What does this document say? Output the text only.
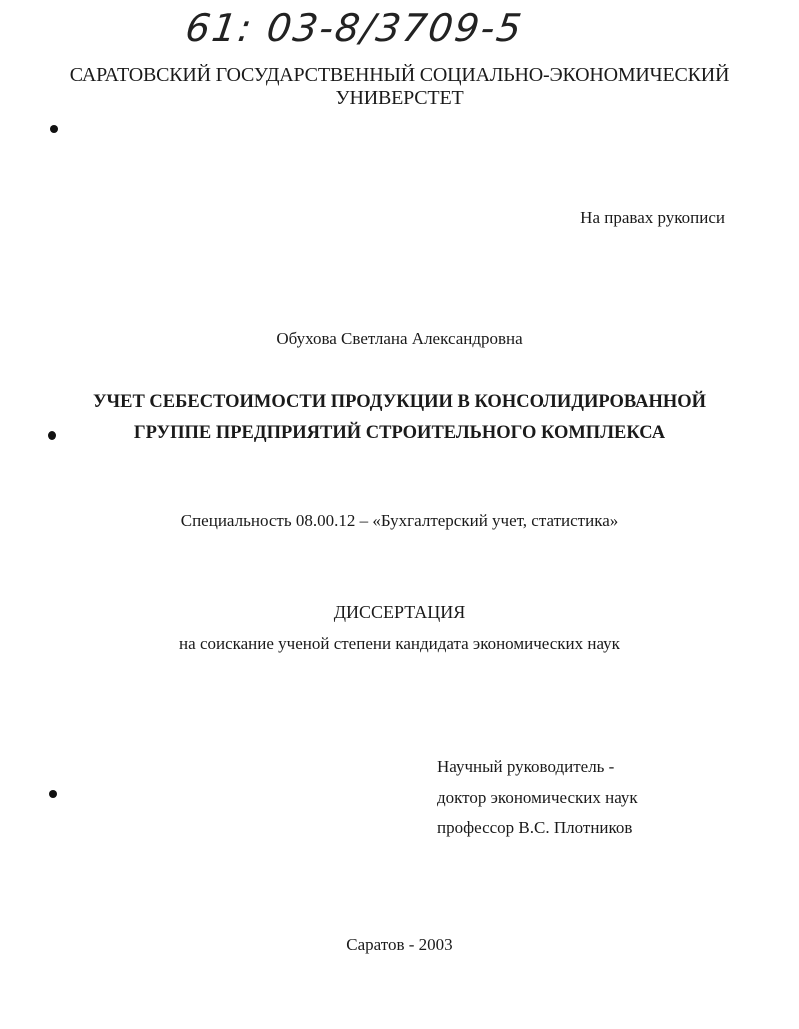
61: 03-8/3709-5
САРАТОВСКИЙ ГОСУДАРСТВЕННЫЙ СОЦИАЛЬНО-ЭКОНОМИЧЕСКИЙ
УНИВЕРСТЕТ
На правах рукописи
Обухова Светлана Александровна
УЧЕТ СЕБЕСТОИМОСТИ ПРОДУКЦИИ В КОНСОЛИДИРОВАННОЙ
ГРУППЕ ПРЕДПРИЯТИЙ СТРОИТЕЛЬНОГО КОМПЛЕКСА
Специальность 08.00.12 – «Бухгалтерский учет, статистика»
ДИССЕРТАЦИЯ
на соискание ученой степени кандидата экономических наук
Научный руководитель -
доктор экономических наук
профессор В.С. Плотников
Саратов - 2003
